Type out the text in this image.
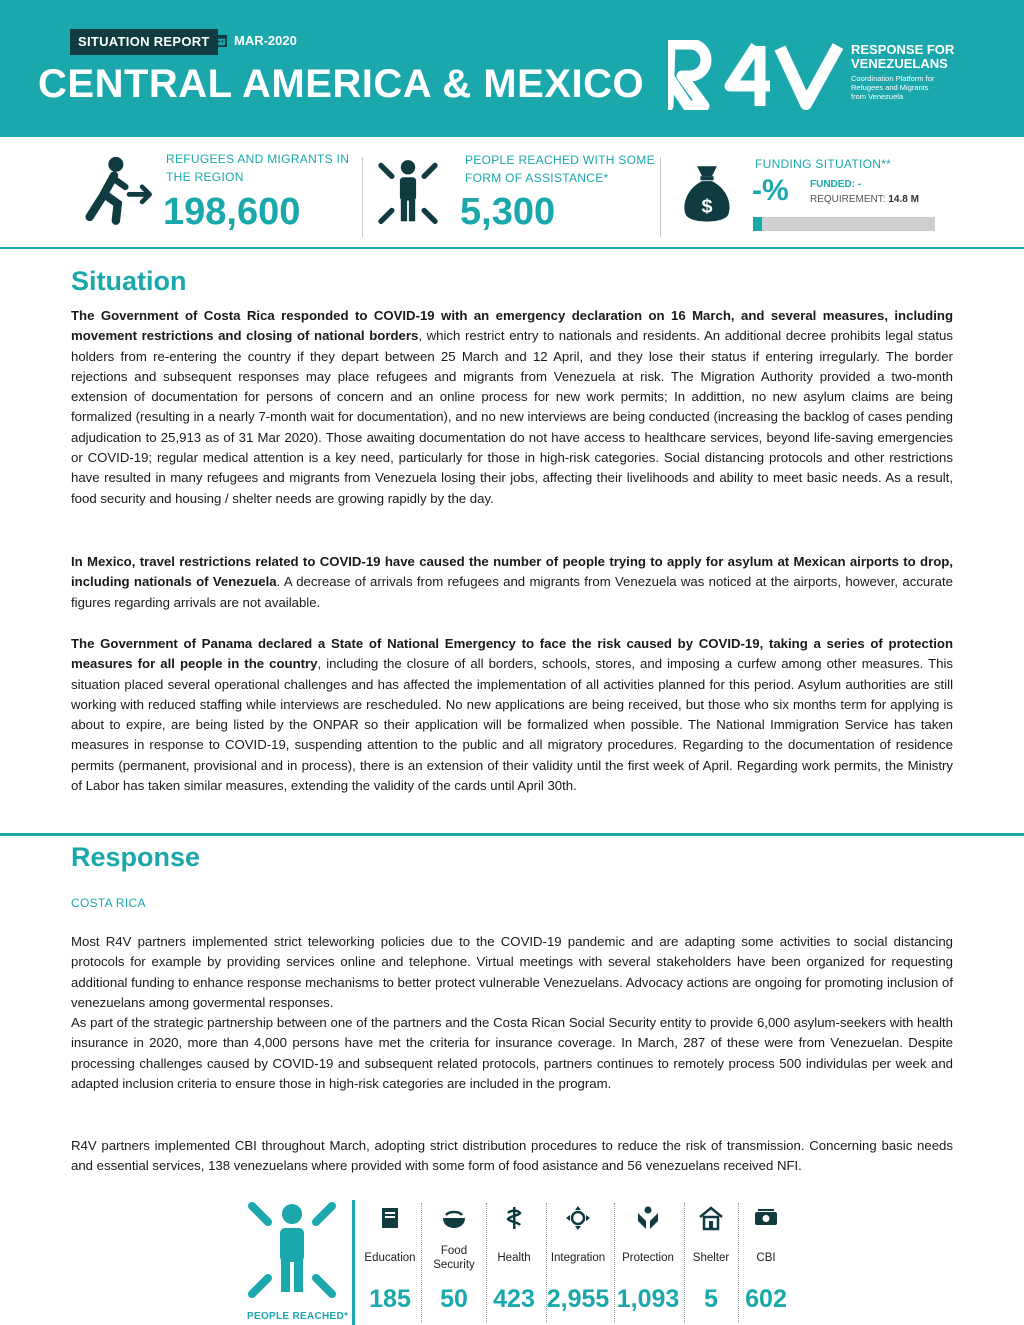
SITUATION REPORT	MAR-2020
CENTRAL AMERICA & MEXICO
RESPONSE FOR
VENEZUELANS
Coordination Platform for
Refugees and Migrants
from Venezuela
REFUGEES AND MIGRANTS IN
THE REGION
198,600
PEOPLE REACHED WITH SOME
FORM OF ASSISTANCE*
5,300	$
FUNDING SITUATION**
-% FUNDED: -
REQUIREMENT: 14.8 M
Situation
The Government of Costa Rica responded to COVID-19 with an emergency declaration on 16 March, and several measures, including movement restrictions and closing of national borders, which restrict entry to nationals and residents. An additional decree prohibits legal status holders from re-entering the country if they depart between 25 March and 12 April, and they lose their status if entering irregularly. The border rejections and subsequent responses may place refugees and migrants from Venezuela at risk. The Migration Authority provided a two-month extension of documentation for persons of concern and an online process for new work permits; In addittion, no new asylum claims are being formalized (resulting in a nearly 7-month wait for documentation), and no new interviews are being conducted (increasing the backlog of cases pending adjudication to 25,913 as of 31 Mar 2020). Those awaiting documentation do not have access to healthcare services, beyond life-saving emergencies or COVID-19; regular medical attention is a key need, particularly for those in high-risk categories. Social distancing protocols and other restrictions have resulted in many refugees and migrants from Venezuela losing their jobs, affecting their livelihoods and ability to meet basic needs. As a result, food security and housing / shelter needs are growing rapidly by the day.
In Mexico, travel restrictions related to COVID-19 have caused the number of people trying to apply for asylum at Mexican airports to drop, including nationals of Venezuela. A decrease of arrivals from refugees and migrants from Venezuela was noticed at the airports, however, accurate figures regarding arrivals are not available.
The Government of Panama declared a State of National Emergency to face the risk caused by COVID-19, taking a series of protection measures for all people in the country, including the closure of all borders, schools, stores, and imposing a curfew among other measures. This situation placed several operational challenges and has affected the implementation of all activities planned for this period. Asylum authorities are still working with reduced staffing while interviews are rescheduled. No new applications are being received, but those who six months term for applying is about to expire, are being listed by the ONPAR so their application will be formalized when possible. The National Immigration Service has taken measures in response to COVID-19, suspending attention to the public and all migratory procedures. Regarding to the documentation of residence permits (permanent, provisional and in process), there is an extension of their validity until the first week of April. Regarding work permits, the Ministry of Labor has taken similar measures, extending the validity of the cards until April 30th.
Response
COSTA RICA
Most R4V partners implemented strict teleworking policies due to the COVID-19 pandemic and are adapting some activities to social distancing protocols for example by providing services online and telephone. Virtual meetings with several stakeholders have been organized for requesting additional funding to enhance response mechanisms to better protect vulnerable Venezuelans. Advocacy actions are ongoing for promoting inclusion of venezuelans among govermental responses.
As part of the strategic partnership between one of the partners and the Costa Rican Social Security entity to provide 6,000 asylum-seekers with health insurance in 2020, more than 4,000 persons have met the criteria for insurance coverage. In March, 287 of these were from Venezuelan. Despite processing challenges caused by COVID-19 and subsequent related protocols, partners continues to remotely process 500 individulas per week and adapted inclusion criteria to ensure those in high-risk categories are included in the program.
R4V partners implemented CBI throughout March, adopting strict distribution procedures to reduce the risk of transmission. Concerning basic needs and essential services, 138 venezuelans where provided with some form of food asistance and 56 venezuelans received NFI.
PEOPLE REACHED*
Education
185
Food Security
50
Health
423
Integration
2,955
Protection
1,093
Shelter
5
CBI
602
